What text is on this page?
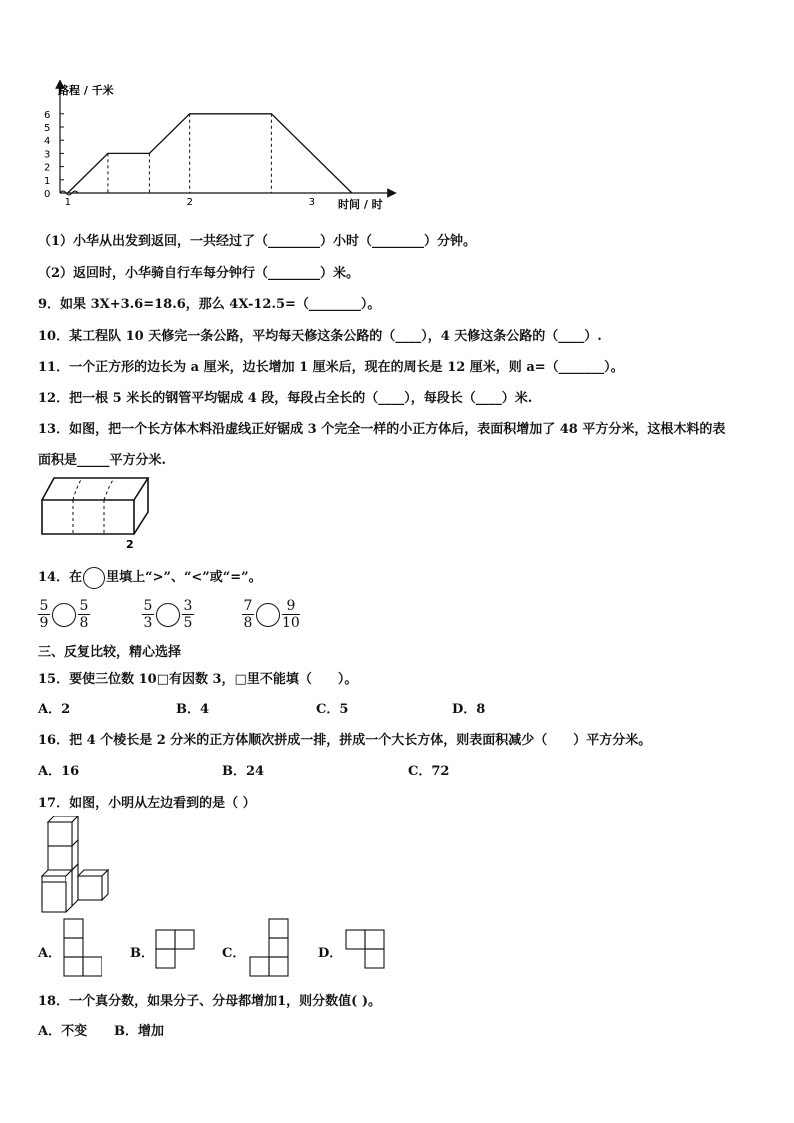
路程 / 千米
时间 / 时
0
1
2
3
4
5
6
1	2	3
（1）小华从出发到返回，一共经过了（________）小时（________）分钟。
（2）返回时，小华骑自行车每分钟行（________）米。
9．如果 3X+3.6=18.6，那么 4X-12.5=（________）。
10．某工程队 10 天修完一条公路，平均每天修这条公路的（____），4 天修这条公路的（____）.
11．一个正方形的边长为 a 厘米，边长增加 1 厘米后，现在的周长是 12 厘米，则 a=（_______）。
12．把一根 5 米长的钢管平均锯成 4 段，每段占全长的（____），每段长（____）米.
13．如图，把一个长方体木料沿虚线正好锯成 3 个完全一样的小正方体后，表面积增加了 48 平方分米，这根木料的表
面积是_____平方分米.
2
14．在 里填上“>”、“<”或“=”。
5
9
5
8
5
3
3
5
7
8
9
10
三、反复比较，精心选择
15．要使三位数 10□有因数 3，□里不能填（　　）。
A．2	B．4	C．5	D．8
16．把 4 个棱长是 2 分米的正方体顺次拼成一排，拼成一个大长方体，则表面积减少（　　）平方分米。
A．16	B．24	C．72
17．如图，小明从左边看到的是（ ）
A．	B．	C．	D．
18．一个真分数，如果分子、分母都增加1，则分数值( )。
A．不变 B．增加
